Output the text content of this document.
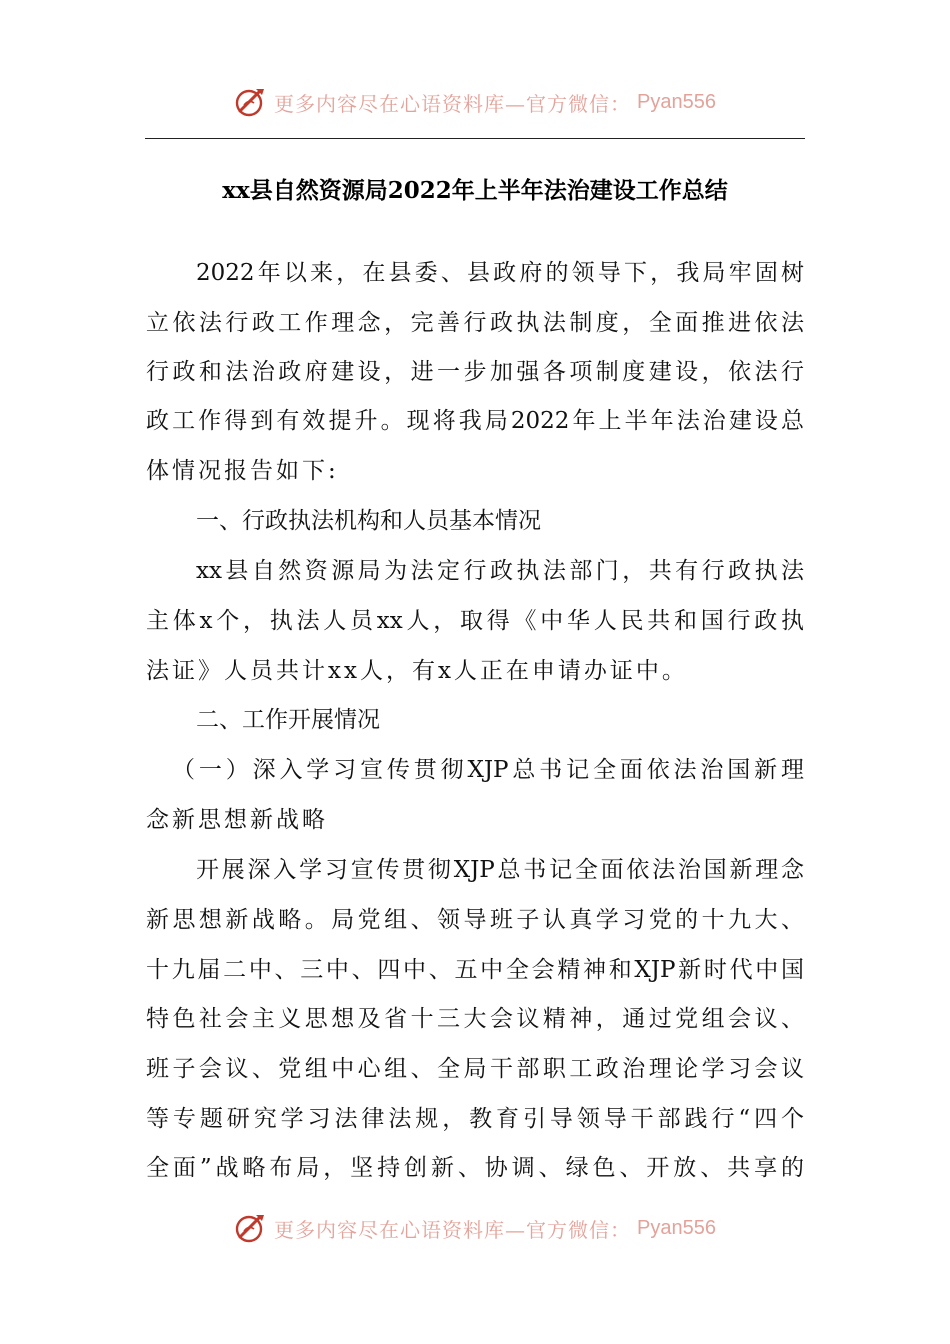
更多内容尽在心语资料库—官方微信： Pyan556
xx县自然资源局2022年上半年法治建设工作总结
2022年以来，在县委、县政府的领导下，我局牢固树
立依法行政工作理念，完善行政执法制度，全面推进依法
行政和法治政府建设，进一步加强各项制度建设，依法行
政工作得到有效提升。现将我局2022年上半年法治建设总
体情况报告如下:
一、行政执法机构和人员基本情况
xx县自然资源局为法定行政执法部门，共有行政执法
主体x个，执法人员xx人，取得《中华人民共和国行政执
法证》人员共计xx人，有x人正在申请办证中。
二、工作开展情况
（一）深入学习宣传贯彻XJP总书记全面依法治国新理
念新思想新战略
开展深入学习宣传贯彻XJP总书记全面依法治国新理念
新思想新战略。局党组、领导班子认真学习党的十九大、
十九届二中、三中、四中、五中全会精神和XJP新时代中国
特色社会主义思想及省十三大会议精神，通过党组会议、
班子会议、党组中心组、全局干部职工政治理论学习会议
等专题研究学习法律法规，教育引导领导干部践行“四个
全面”战略布局，坚持创新、协调、绿色、开放、共享的
更多内容尽在心语资料库—官方微信： Pyan556
